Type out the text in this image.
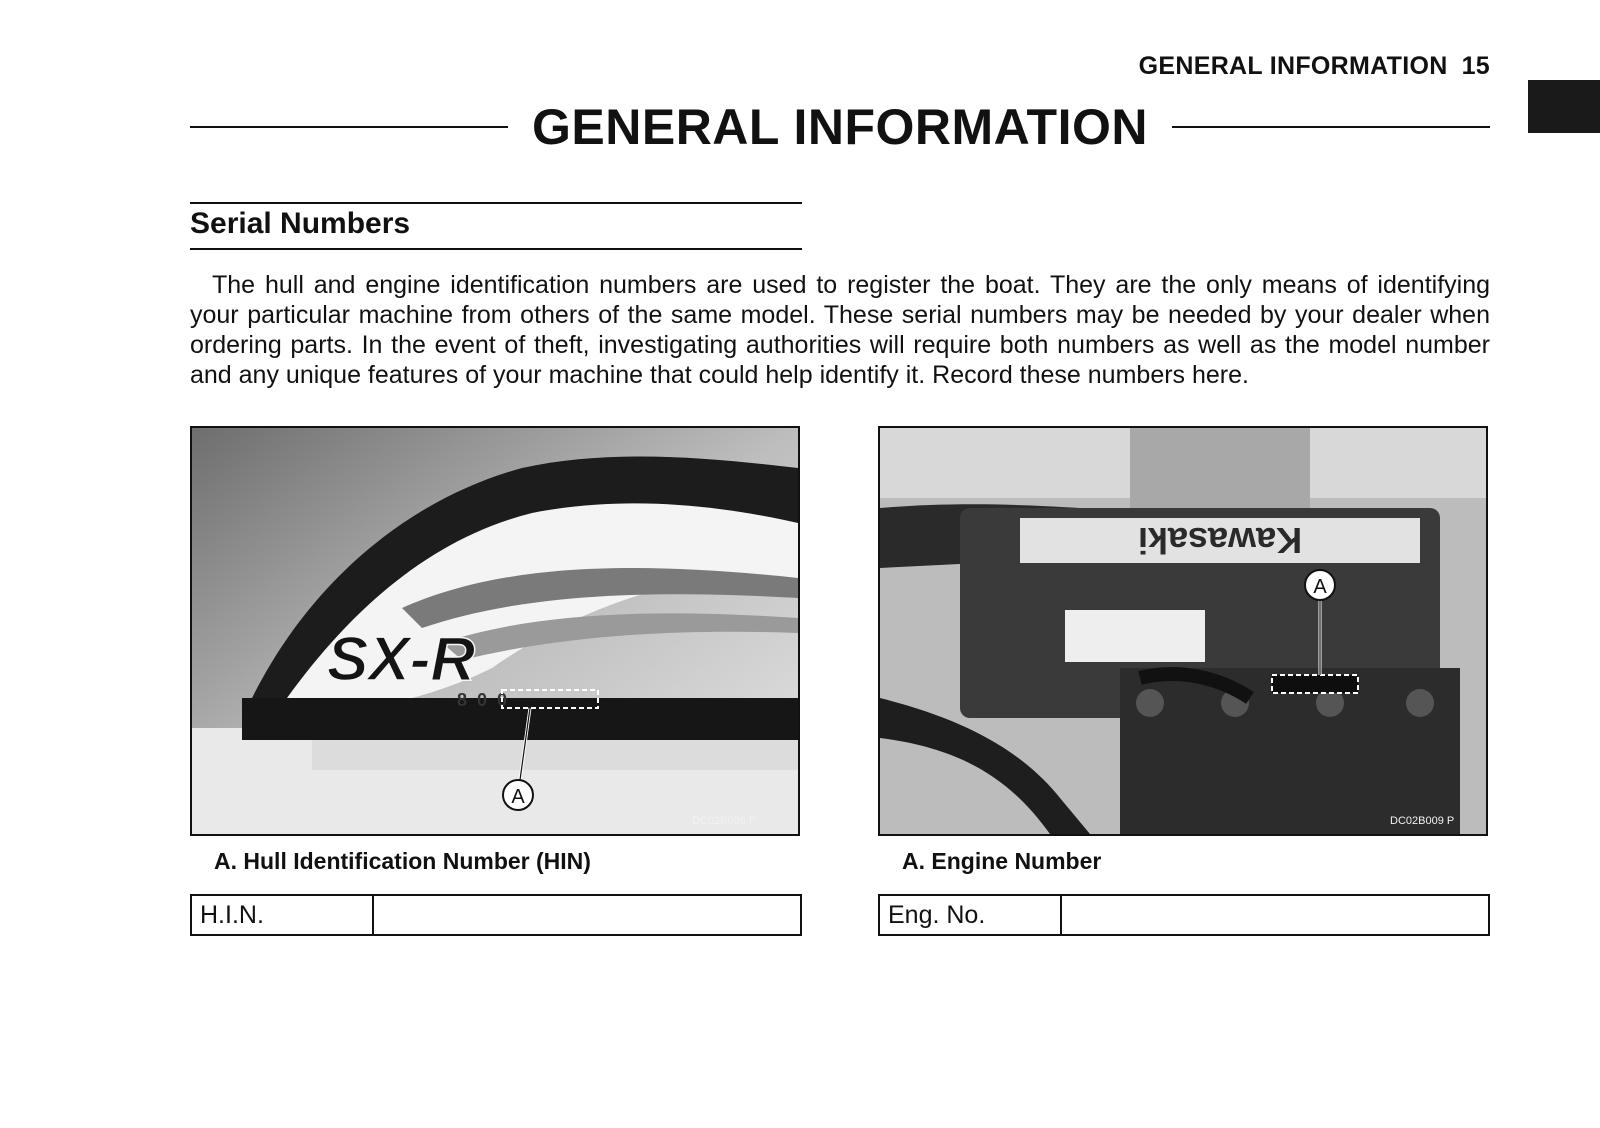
GENERAL INFORMATION 15
GENERAL INFORMATION
Serial Numbers

The hull and engine identification numbers are used to register the boat. They are the only means of identifying your particular machine from others of the same model. These serial numbers may be needed by your dealer when ordering parts. In the event of theft, investigating authorities will require both numbers as well as the model number and any unique features of your machine that could help identify it. Record these numbers here.

SX-R
800
A
DC02B006 P
Kawasaki
A
DC02B009 P
A. Hull Identification Number (HIN)	A. Engine Number
H.I.N.	Eng. No.
